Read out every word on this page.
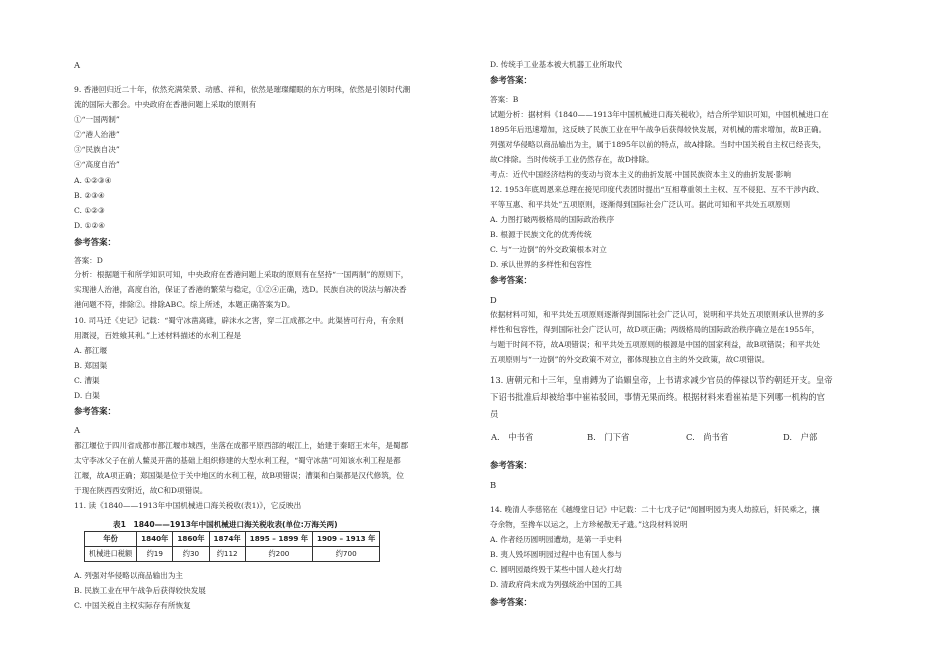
A
9. 香港回归近二十年，依然充满荣景、动感、祥和，依然是璀璨耀眼的东方明珠，依然是引领时代潮
流的国际大都会。中央政府在香港问题上采取的原则有
①“一国两制”
②“港人治港”
③“民族自决”
④“高度自治”
A. ①②③④
B. ②③④
C. ①②③
D. ①②④
参考答案：
答案：D
分析：根据题干和所学知识可知，中央政府在香港问题上采取的原则有在坚持“一国两制”的原则下，
实现港人治港，高度自治，保证了香港的繁荣与稳定，①②④正确，选D。民族自决的说法与解决香
港问题不符，排除②。排除ABC。综上所述，本题正确答案为D。
10. 司马迁《史记》记载：“蜀守冰凿离碓，辟沫水之害，穿二江成都之中。此渠皆可行舟，有余则
用溉浸，百姓飨其利。”上述材料描述的水利工程是
A. 都江堰
B. 郑国渠
C. 漕渠
D. 白渠
参考答案：
A
都江堰位于四川省成都市都江堰市城西，坐落在成都平原西部的岷江上，始建于秦昭王末年，是蜀郡
太守李冰父子在前人鳖灵开凿的基础上组织修建的大型水利工程，“蜀守冰凿”可知该水利工程是都
江堰，故A项正确；郑国渠是位于关中地区的水利工程，故B项错误；漕渠和白渠都是汉代修筑，位
于现在陕西西安附近，故C和D项错误。
11. 读《1840——1913年中国机械进口海关税收(表1)》，它反映出
A. 列强对华侵略以商品输出为主
B. 民族工业在甲午战争后获得较快发展
C. 中国关税自主权实际存有所恢复
D. 传统手工业基本被大机器工业所取代
参考答案：
答案：B
试题分析：据材料《1840——1913年中国机械进口海关税收》，结合所学知识可知，中国机械进口在
1895年后迅速增加，这反映了民族工业在甲午战争后获得较快发展，对机械的需求增加，故B正确。
列强对华侵略以商品输出为主，属于1895年以前的特点，故A排除。当时中国关税自主权已经丧失，
故C排除。当时传统手工业仍然存在，故D排除。
考点：近代中国经济结构的变动与资本主义的曲折发展·中国民族资本主义的曲折发展·影响
12. 1953年底周恩来总理在接见印度代表团时提出“互相尊重领土主权、互不侵犯、互不干涉内政、
平等互惠、和平共处”五项原则，逐渐得到国际社会广泛认可。据此可知和平共处五项原则
A. 力图打破两极格局的国际政治秩序
B. 根源于民族文化的优秀传统
C. 与“一边倒”的外交政策根本对立
D. 承认世界的多样性和包容性
参考答案：
D
依据材料可知，和平共处五项原则逐渐得到国际社会广泛认可，说明和平共处五项原则承认世界的多
样性和包容性，得到国际社会广泛认可，故D项正确；两级格局的国际政治秩序确立是在1955年，
与题干时间不符，故A项错误；和平共处五项原则的根源是中国的国家利益，故B项错误；和平共处
五项原则与“一边倒”的外交政策不对立，都体现独立自主的外交政策，故C项错误。
13. 唐朝元和十三年，皇甫鎛为了谄媚皇帝，上书请求减少官员的俸禄以节约朝廷开支。皇帝
下诏书批准后却被给事中崔祐驳回，事情无果而终。根据材料来看崔祐是下列哪一机构的官
员
参考答案：
B
14. 晚清人李慈铭在《越缦堂日记》中记载：二十七戊子记“闻圆明园为夷人劫掠后，奸民乘之，攘
夺余物，至搀车以运之，上方珍秘散无孑遗。”这段材料说明
A. 作者经历圆明园遭劫，是第一手史料
B. 夷人毁坏圆明园过程中也有国人参与
C. 圆明园最终毁于某些中国人趁火打劫
D. 清政府尚未成为列强统治中国的工具
参考答案：
表1　1840——1913年中国机械进口海关税收表(单位:万海关两)
年份	1840年	1860年	1874年	1895 – 1899 年	1909 – 1913 年
机械进口税额	约19	约30	约112	约200	约700
A.　中书省	B.　门下省	C.　尚书省	D.　户部
